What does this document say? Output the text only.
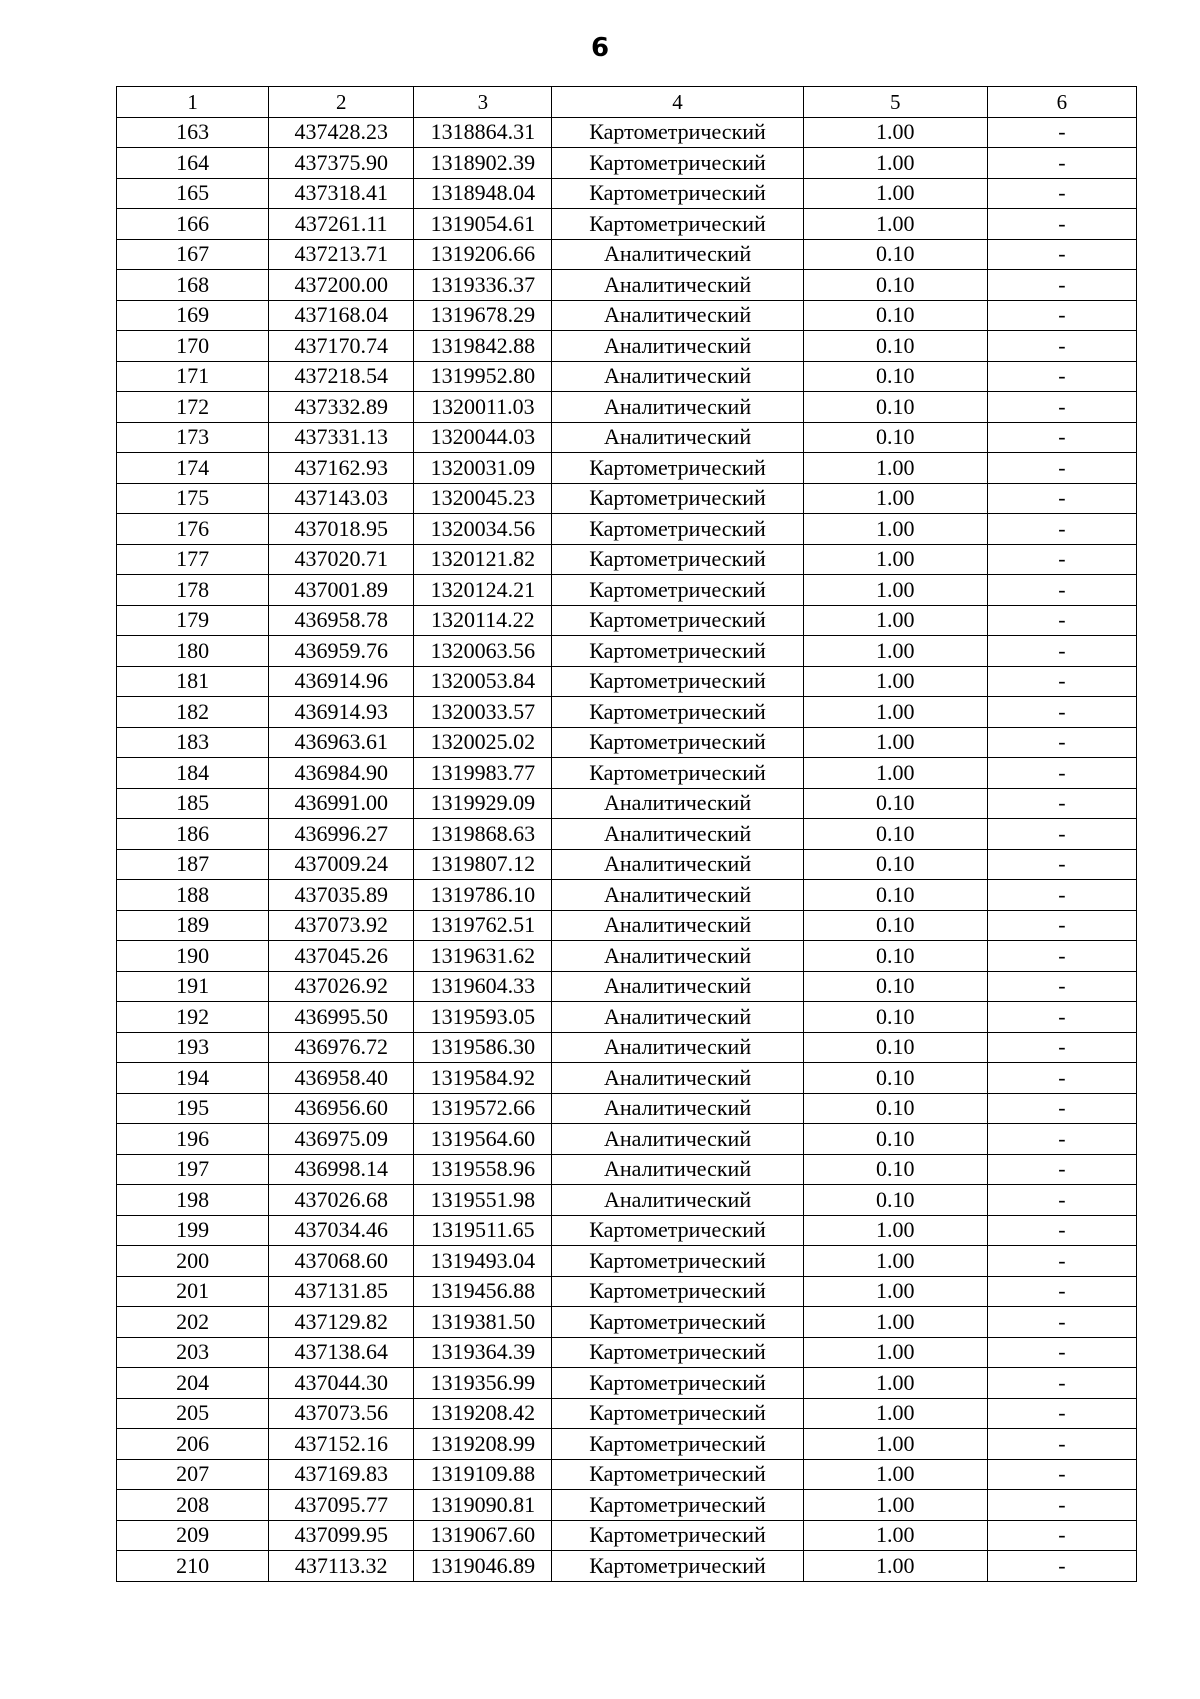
6
1	2	3	4	5	6
163	437428.23	1318864.31	Картометрический	1.00	-
164	437375.90	1318902.39	Картометрический	1.00	-
165	437318.41	1318948.04	Картометрический	1.00	-
166	437261.11	1319054.61	Картометрический	1.00	-
167	437213.71	1319206.66	Аналитический	0.10	-
168	437200.00	1319336.37	Аналитический	0.10	-
169	437168.04	1319678.29	Аналитический	0.10	-
170	437170.74	1319842.88	Аналитический	0.10	-
171	437218.54	1319952.80	Аналитический	0.10	-
172	437332.89	1320011.03	Аналитический	0.10	-
173	437331.13	1320044.03	Аналитический	0.10	-
174	437162.93	1320031.09	Картометрический	1.00	-
175	437143.03	1320045.23	Картометрический	1.00	-
176	437018.95	1320034.56	Картометрический	1.00	-
177	437020.71	1320121.82	Картометрический	1.00	-
178	437001.89	1320124.21	Картометрический	1.00	-
179	436958.78	1320114.22	Картометрический	1.00	-
180	436959.76	1320063.56	Картометрический	1.00	-
181	436914.96	1320053.84	Картометрический	1.00	-
182	436914.93	1320033.57	Картометрический	1.00	-
183	436963.61	1320025.02	Картометрический	1.00	-
184	436984.90	1319983.77	Картометрический	1.00	-
185	436991.00	1319929.09	Аналитический	0.10	-
186	436996.27	1319868.63	Аналитический	0.10	-
187	437009.24	1319807.12	Аналитический	0.10	-
188	437035.89	1319786.10	Аналитический	0.10	-
189	437073.92	1319762.51	Аналитический	0.10	-
190	437045.26	1319631.62	Аналитический	0.10	-
191	437026.92	1319604.33	Аналитический	0.10	-
192	436995.50	1319593.05	Аналитический	0.10	-
193	436976.72	1319586.30	Аналитический	0.10	-
194	436958.40	1319584.92	Аналитический	0.10	-
195	436956.60	1319572.66	Аналитический	0.10	-
196	436975.09	1319564.60	Аналитический	0.10	-
197	436998.14	1319558.96	Аналитический	0.10	-
198	437026.68	1319551.98	Аналитический	0.10	-
199	437034.46	1319511.65	Картометрический	1.00	-
200	437068.60	1319493.04	Картометрический	1.00	-
201	437131.85	1319456.88	Картометрический	1.00	-
202	437129.82	1319381.50	Картометрический	1.00	-
203	437138.64	1319364.39	Картометрический	1.00	-
204	437044.30	1319356.99	Картометрический	1.00	-
205	437073.56	1319208.42	Картометрический	1.00	-
206	437152.16	1319208.99	Картометрический	1.00	-
207	437169.83	1319109.88	Картометрический	1.00	-
208	437095.77	1319090.81	Картометрический	1.00	-
209	437099.95	1319067.60	Картометрический	1.00	-
210	437113.32	1319046.89	Картометрический	1.00	-
